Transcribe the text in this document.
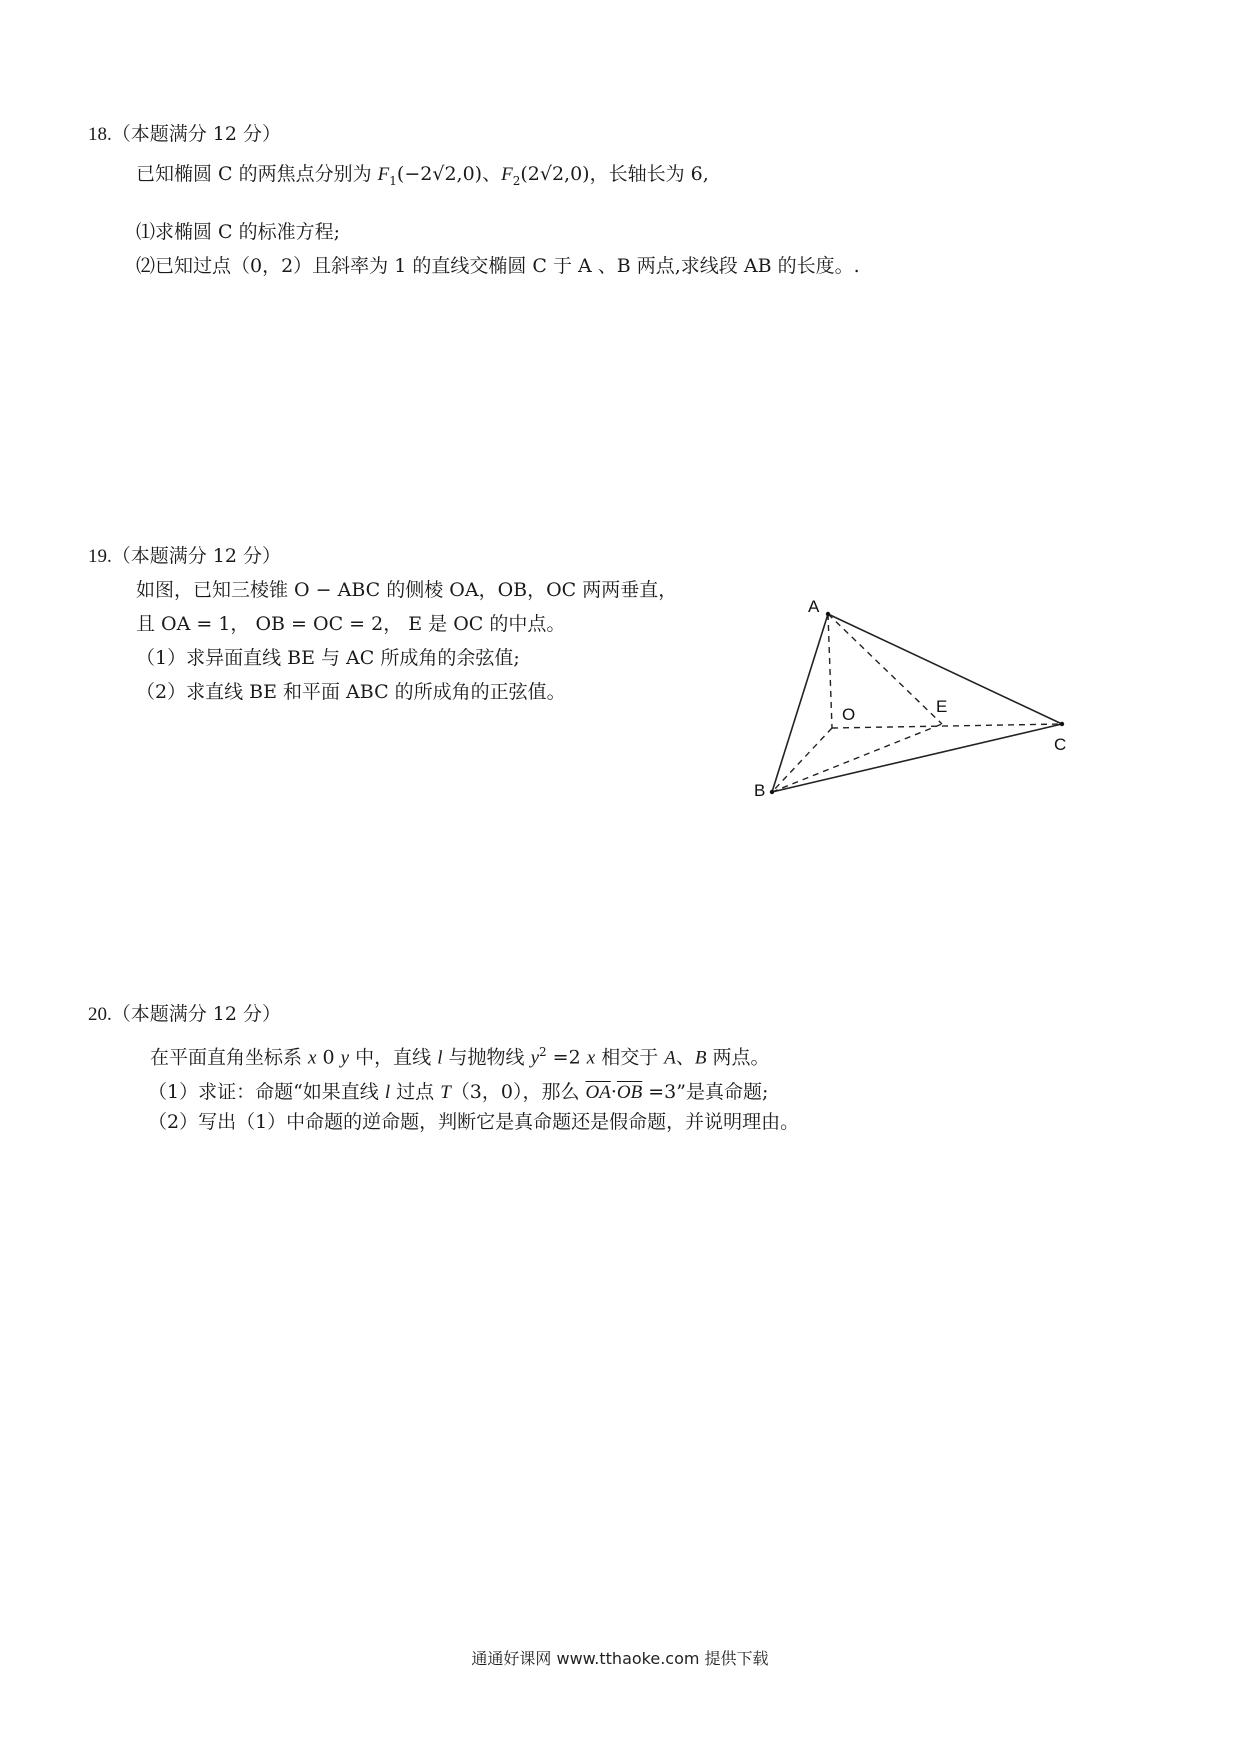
18.（本题满分 12 分）
已知椭圆 C 的两焦点分别为 $F_1(-2√2,0)$、$F_2(2√2,0)$，长轴长为 6,
⑴求椭圆 C 的标准方程;
⑵已知过点（0，2）且斜率为 1 的直线交椭圆 C 于 A 、B 两点,求线段 AB 的长度。.
19.（本题满分 12 分）
如图，已知三棱锥 O − ABC 的侧棱 OA，OB，OC 两两垂直，
且 OA = 1， OB = OC = 2， E 是 OC 的中点。
（1）求异面直线 BE 与 AC 所成角的余弦值;
（2）求直线 BE 和平面 ABC 的所成角的正弦值。
A
O	E
C
B
20.（本题满分 12 分）
在平面直角坐标系 x 0 y 中，直线 l 与抛物线 $y^2 =2$ x 相交于 A、B 两点。
（1）求证：命题“如果直线 l 过点 T（3，0），那么 $\overline{OA}\cdot\overline{OB} =3$”是真命题;
（2）写出（1）中命题的逆命题，判断它是真命题还是假命题，并说明理由。
通通好课网 www.tthaoke.com 提供下载
